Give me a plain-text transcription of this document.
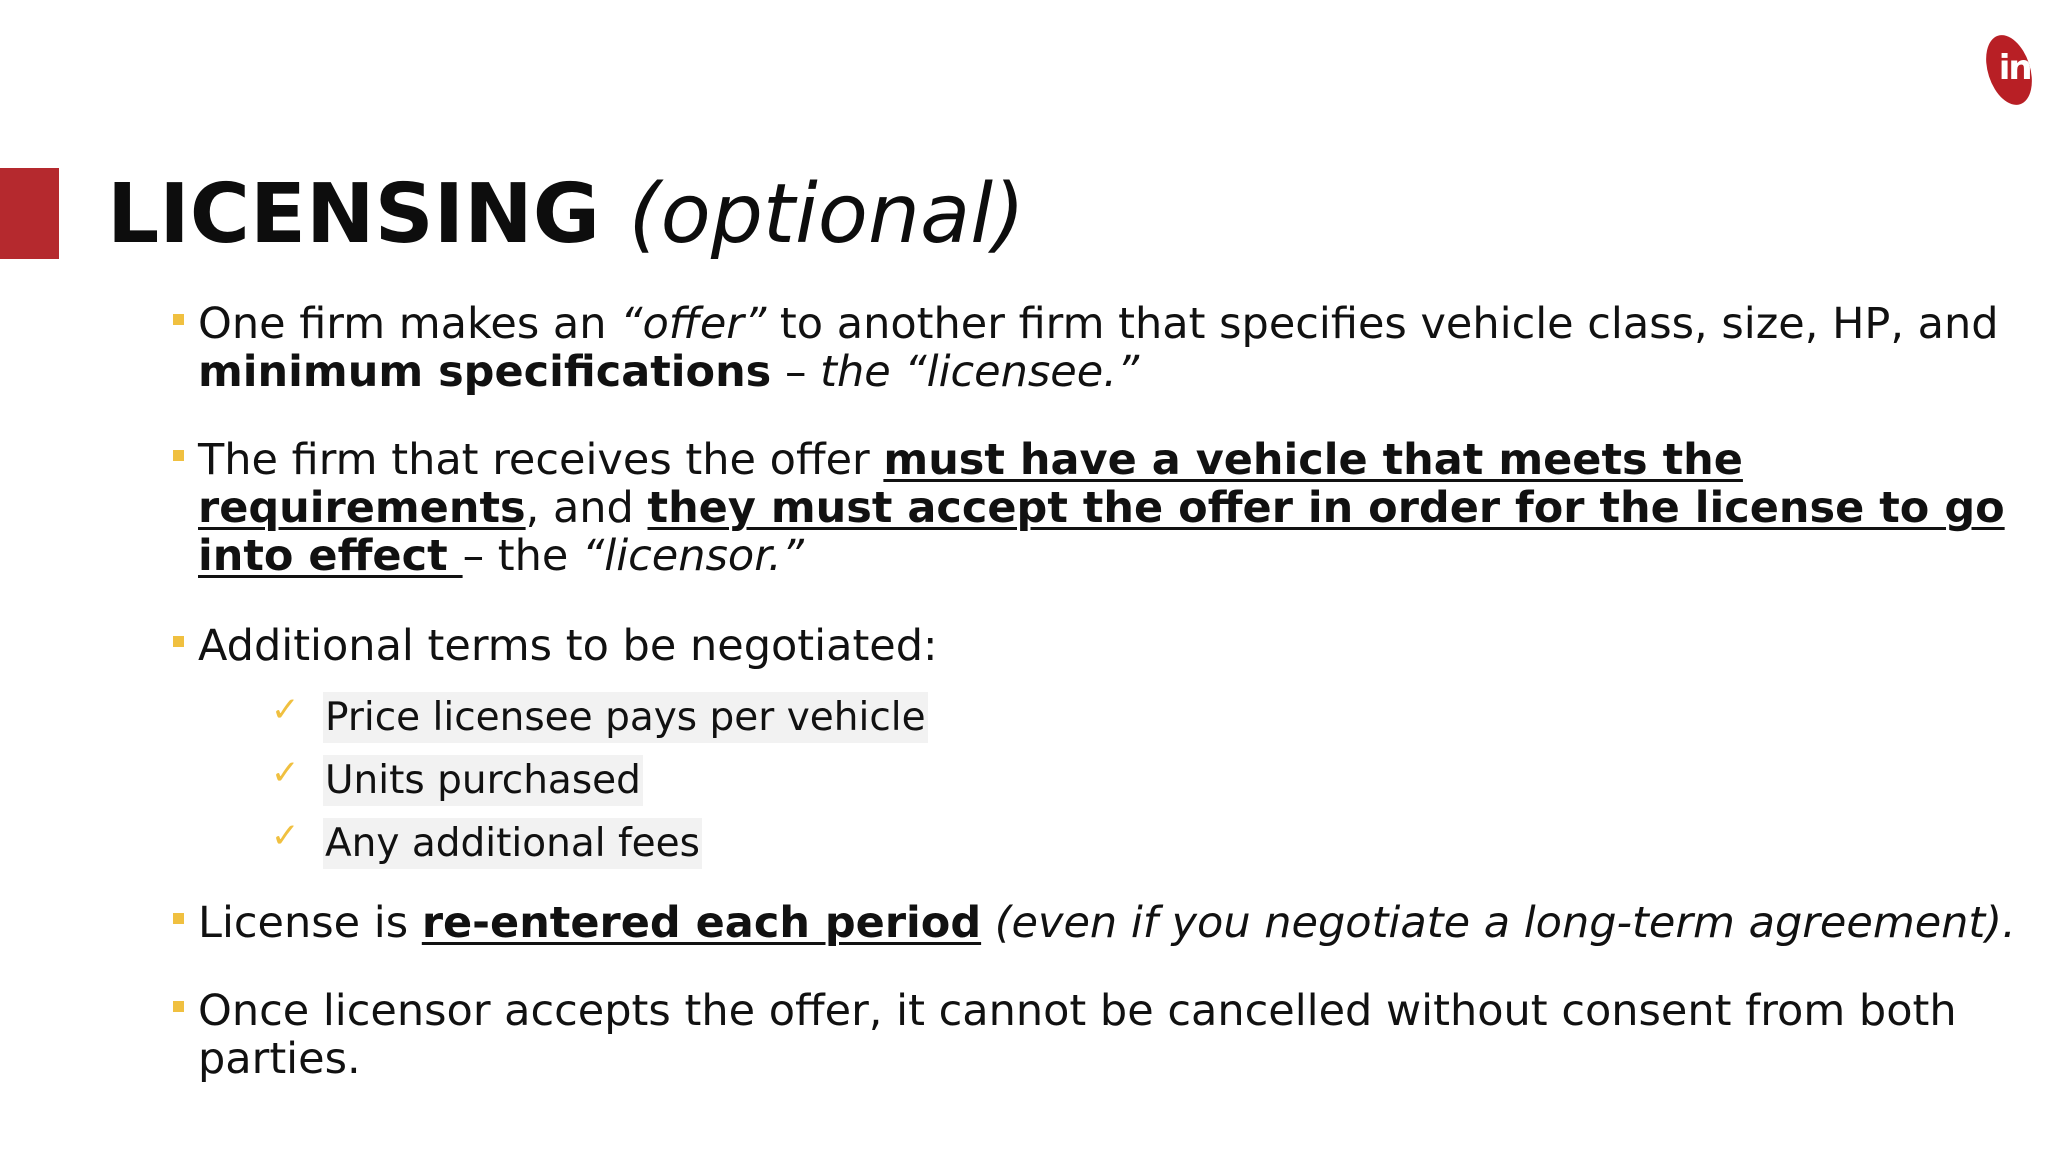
in
LICENSING (optional)
One firm makes an “offer” to another firm that specifies vehicle class, size, HP, and minimum specifications – the “licensee.”
The firm that receives the offer must have a vehicle that meets the requirements, and they must accept the offer in order for the license to go into effect – the “licensor.”
Additional terms to be negotiated:
✓ Price licensee pays per vehicle
✓ Units purchased
✓ Any additional fees
License is re-entered each period (even if you negotiate a long-term agreement).
Once licensor accepts the offer, it cannot be cancelled without consent from both parties.
